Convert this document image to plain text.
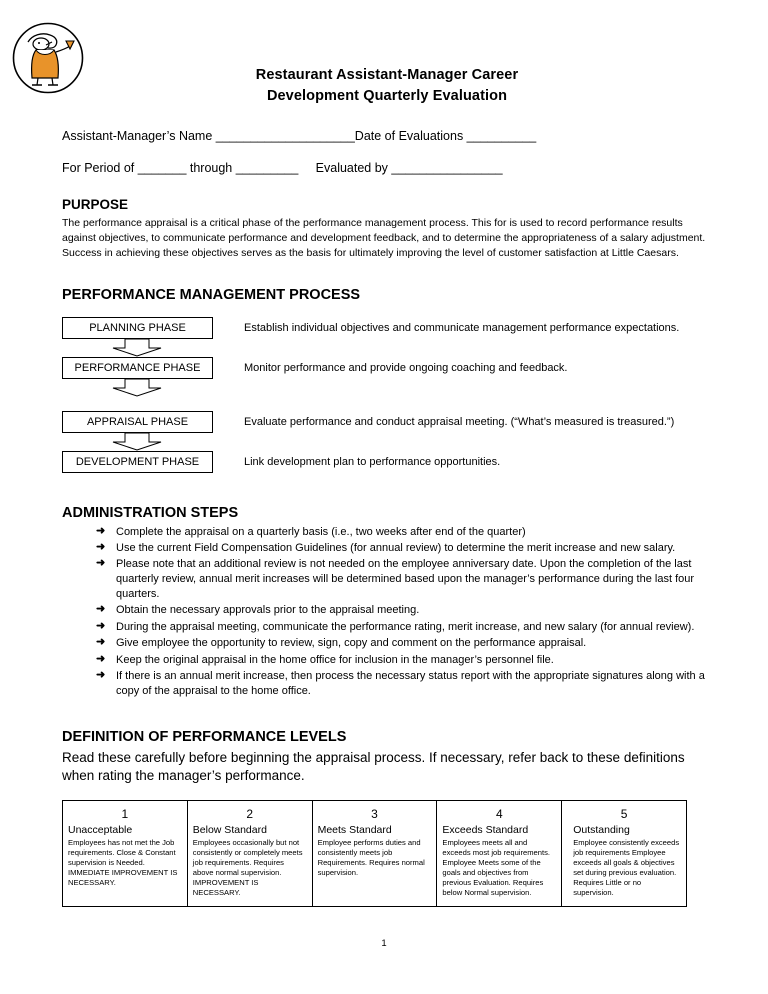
Restaurant Assistant-Manager Career
Development Quarterly Evaluation
Assistant-Manager’s Name ____________________Date of Evaluations __________
For Period of _______ through _________     Evaluated by ________________
PURPOSE

The performance appraisal is a critical phase of the performance management process. This for is used to record performance results against objectives, to communicate performance and development feedback, and to determine the appropriateness of a salary adjustment. Success in achieving these objectives serves as the basis for ultimately improving the level of customer satisfaction at Little Caesars.

PERFORMANCE MANAGEMENT PROCESS
PLANNING PHASE	Establish individual objectives and communicate management performance expectations.
PERFORMANCE PHASE	Monitor performance and provide ongoing coaching and feedback.
APPRAISAL PHASE	Evaluate performance and conduct appraisal meeting. (“What’s measured is treasured.”)
DEVELOPMENT PHASE	Link development plan to performance opportunities.
ADMINISTRATION STEPS
➜ Complete the appraisal on a quarterly basis (i.e., two weeks after end of the quarter)
➜ Use the current Field Compensation Guidelines (for annual review) to determine the merit increase and new salary.
➜ Please note that an additional review is not needed on the employee anniversary date. Upon the completion of the last quarterly review, annual merit increases will be determined based upon the manager’s performance during the last four quarters.
➜ Obtain the necessary approvals prior to the appraisal meeting.
➜ During the appraisal meeting, communicate the performance rating, merit increase, and new salary (for annual review).
➜ Give employee the opportunity to review, sign, copy and comment on the performance appraisal.
➜ Keep the original appraisal in the home office for inclusion in the manager’s personnel file.
➜ If there is an annual merit increase, then process the necessary status report with the appropriate signatures along with a copy of the appraisal to the home office.
DEFINITION OF PERFORMANCE LEVELS

Read these carefully before beginning the appraisal process. If necessary, refer back to these definitions when rating the manager’s performance.

1
Unacceptable
Employees has not met the Job requirements. Close & Constant supervision is Needed. IMMEDIATE IMPROVEMENT IS NECESSARY.

2
Below Standard
Employees occasionally but not consistently or completely meets job requirements. Requires above normal supervision. IMPROVEMENT IS NECESSARY.

3
Meets Standard
Employee performs duties and consistently meets job Requirements. Requires normal supervision.

4
Exceeds Standard
Employees meets all and exceeds most job requirements. Employee Meets some of the goals and objectives from previous Evaluation. Requires below Normal supervision.

5
Outstanding
Employee consistently exceeds job requirements Employee exceeds all goals & objectives set during previous evaluation. Requires Little or no supervision.
1
